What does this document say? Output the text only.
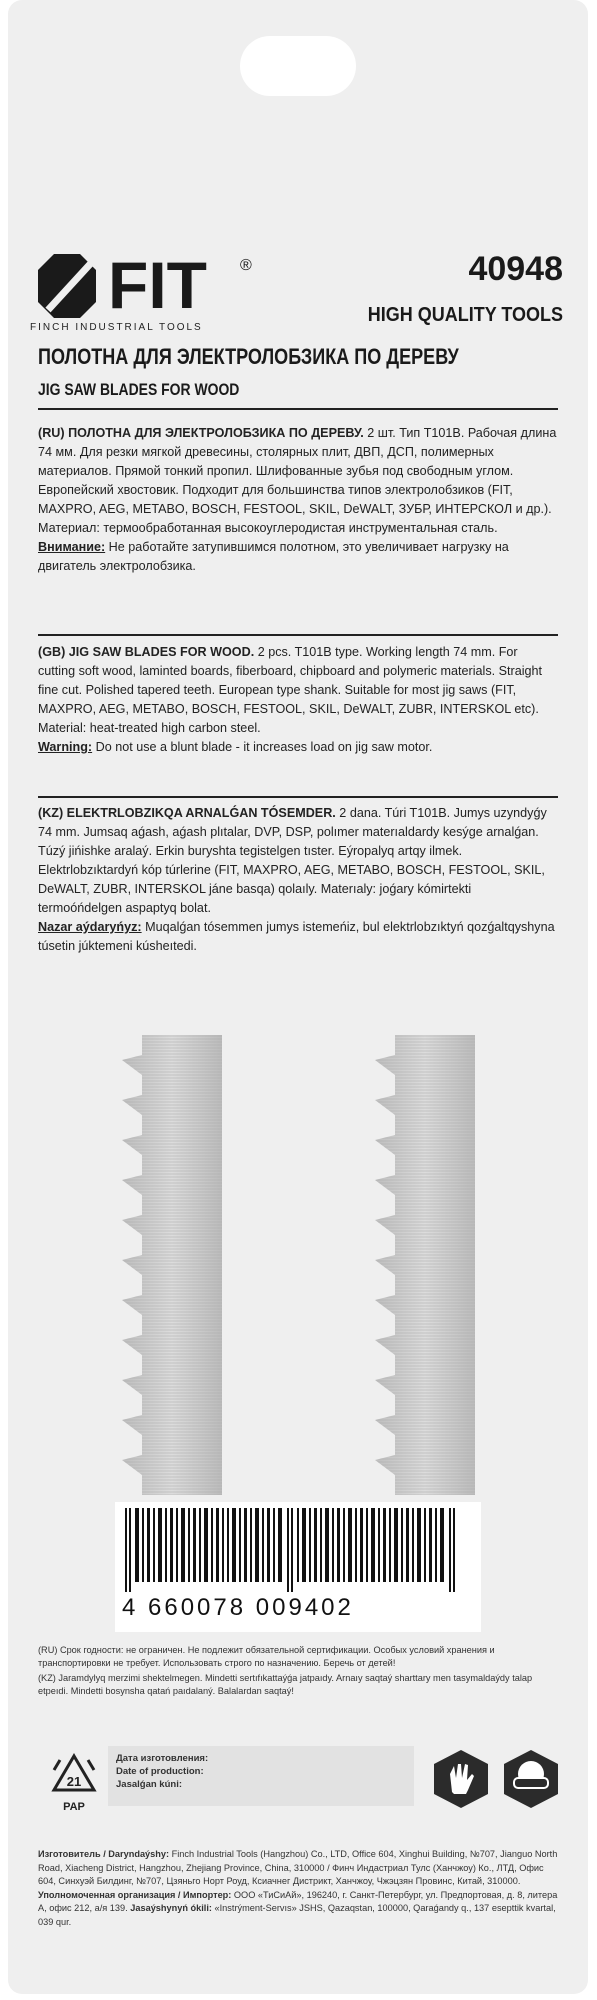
FIT ®
FINCH INDUSTRIAL TOOLS
40948
HIGH QUALITY TOOLS
ПОЛОТНА ДЛЯ ЭЛЕКТРОЛОБЗИКА ПО ДЕРЕВУ
JIG SAW BLADES FOR WOOD

(RU) ПОЛОТНА ДЛЯ ЭЛЕКТРОЛОБЗИКА ПО ДЕРЕВУ. 2 шт. Тип T101B. Рабочая длина 74 мм. Для резки мягкой древесины, столярных плит, ДВП, ДСП, полимерных материалов. Прямой тонкий пропил. Шлифованные зубья под свободным углом. Европейский хвостовик. Подходит для большинства типов электролобзиков (FIT, MAXPRO, AEG, METABO, BOSCH, FESTOOL, SKIL, DeWALT, ЗУБР, ИНТЕРСКОЛ и др.). Материал: термообработанная высокоуглеродистая инструментальная сталь.

Внимание: Не работайте затупившимся полотном, это увеличивает нагрузку на двигатель электролобзика.

(GB) JIG SAW BLADES FOR WOOD. 2 pcs. T101B type. Working length 74 mm. For cutting soft wood, laminted boards, fiberboard, chipboard and polymeric materials. Straight fine cut. Polished tapered teeth. European type shank. Suitable for most jig saws (FIT, MAXPRO, AEG, METABO, BOSCH, FESTOOL, SKIL, DeWALT, ZUBR, INTERSKOL etc). Material: heat-treated high carbon steel.

Warning: Do not use a blunt blade - it increases load on jig saw motor.

(KZ) ELEKTRLOBZIKQA ARNALǴAN TÓSEMDER. 2 dana. Túri T101B. Jumys uzyndyǵy 74 mm. Jumsaq aǵash, aǵash plıtalar, DVP, DSP, polımer materıaldardy kesýge arnalǵan. Túzý jińishke aralaý. Erkin buryshta tegistelgen tıster. Eýropalyq artqy ilmek. Elektrlobzıktardyń kóp túrlerine (FIT, MAXPRO, AEG, METABO, BOSCH, FESTOOL, SKIL, DeWALT, ZUBR, INTERSKOL jáne basqa) qolaıly. Materıaly: joǵary kómirtekti termoóńdelgen aspaptyq bolat.

Nazar aýdaryńyz: Muqalǵan tósemmen jumys istemeńiz, bul elektrlobzıktyń qozǵaltqyshyna túsetin júktemeni kúsheıtedi.

4 660078 009402
(RU) Срок годности: не ограничен. Не подлежит обязательной сертификации. Особых условий хранения и транспортировки не требует. Использовать строго по назначению. Беречь от детей!
(KZ) Jaramdylyq merzimi shektelmegen. Mindetti sertıfıkattaýǵa jatpaıdy. Arnaıy saqtaý sharttary men tasymaldaýdy talap etpeıdi. Mindetti bosynsha qatań paıdalaný. Balalardan saqtaý!
21
PAP
Дата изготовления:
Date of production:
Jasalǵan kúni:
Изготовитель / Daryndaýshy: Finch Industrial Tools (Hangzhou) Co., LTD, Office 604, Xinghui Building, №707, Jianguo North Road, Xiacheng District, Hangzhou, Zhejiang Province, China, 310000 / Финч Индастриал Тулс (Ханчжоу) Ко., ЛТД, Офис 604, Синхуэй Билдинг, №707, Цзяньго Норт Роуд, Ксиачнег Дистрикт, Ханчжоу, Чжэцзян Провинс, Китай, 310000. Уполномоченная организация / Импортер: ООО «ТиСиАй», 196240, г. Санкт-Петербург, ул. Предпортовая, д. 8, литера А, офис 212, а/я 139. Jasaýshynyń ókili: «Instrýment-Servıs» JSHS, Qazaqstan, 100000, Qaraǵandy q., 137 esepttik kvartal, 039 qur.
